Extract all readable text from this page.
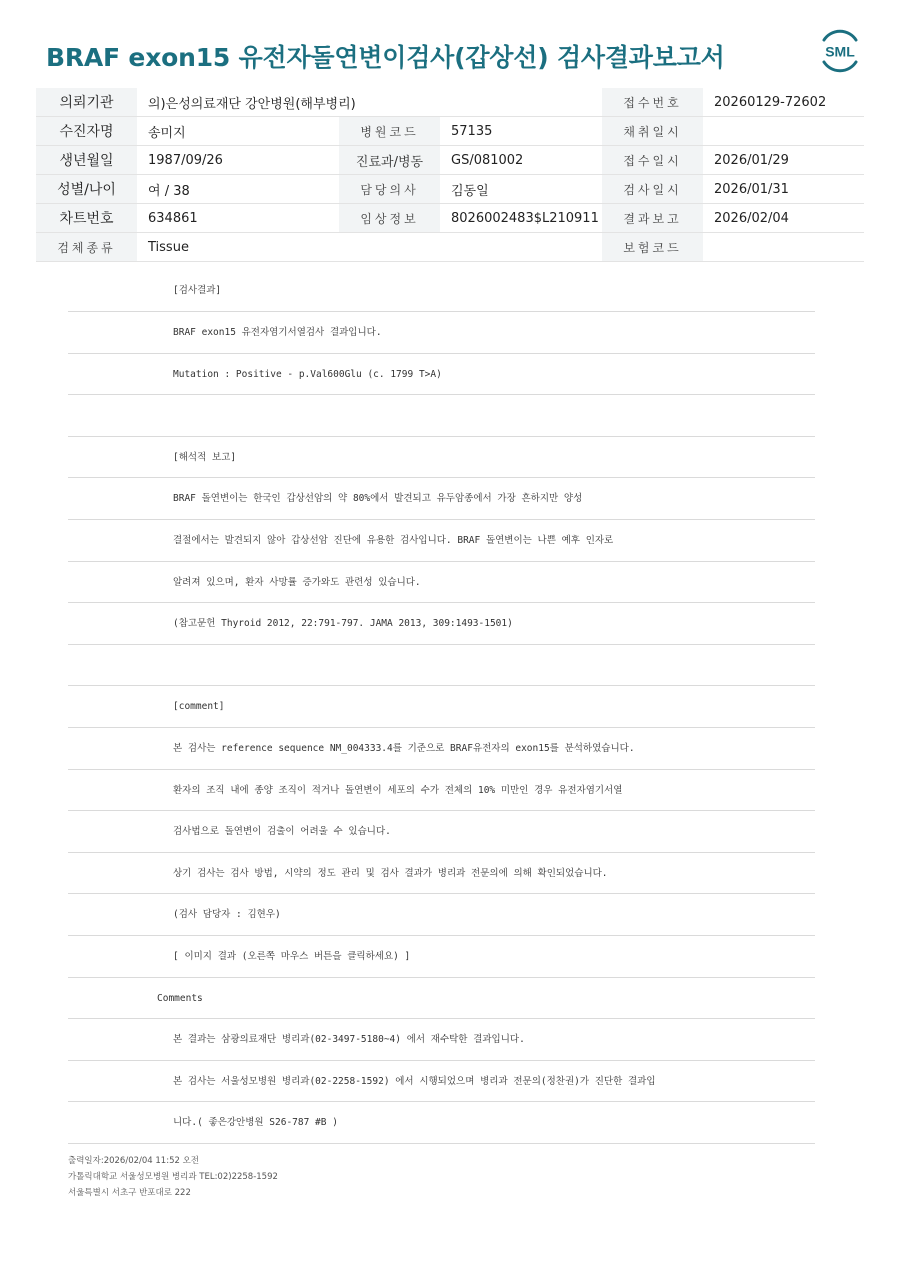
BRAF exon15 유전자돌연변이검사(갑상선) 검사결과보고서	SML
의뢰기관	의)은성의료재단 강안병원(해부병리)			접수번호	20260129-72602
수진자명	송미지	병원코드	57135	채취일시	
생년월일	1987/09/26	진료과/병동	GS/081002	접수일시	2026/01/29
성별/나이	여 / 38	담당의사	김동일	검사일시	2026/01/31
차트번호	634861	임상정보	8026002483$L210911	결과보고	2026/02/04
검체종류	Tissue			보험코드	
[검사결과]
BRAF exon15 유전자염기서열검사 결과입니다.
Mutation : Positive - p.Val600Glu (c. 1799 T>A)
[해석적 보고]
BRAF 돌연변이는 한국인 갑상선암의 약 80%에서 발견되고 유두암종에서 가장 흔하지만 양성
결절에서는 발견되지 않아 갑상선암 진단에 유용한 검사입니다. BRAF 돌연변이는 나쁜 예후 인자로
알려져 있으며, 환자 사망률 증가와도 관련성 있습니다.
(참고문헌 Thyroid 2012, 22:791-797. JAMA 2013, 309:1493-1501)
[comment]
본 검사는 reference sequence NM_004333.4를 기준으로 BRAF유전자의 exon15를 분석하였습니다.
환자의 조직 내에 종양 조직이 적거나 돌연변이 세포의 수가 전체의 10% 미만인 경우 유전자염기서열
검사법으로 돌연변이 검출이 어려울 수 있습니다.
상기 검사는 검사 방법, 시약의 정도 관리 및 검사 결과가 병리과 전문의에 의해 확인되었습니다.
(검사 담당자 : 김현우)
[ 이미지 결과 (오른쪽 마우스 버튼을 클릭하세요) ]
Comments
본 결과는 삼광의료재단 병리과(02-3497-5180~4) 에서 재수탁한 결과입니다.
본 검사는 서울성모병원 병리과(02-2258-1592) 에서 시행되었으며 병리과 전문의(정찬권)가 진단한 결과입
니다.( 좋은강안병원 S26-787 #B )
출력일자:2026/02/04 11:52 오전
가톨릭대학교 서울성모병원 병리과 TEL:02)2258-1592
서울특별시 서초구 반포대로 222
